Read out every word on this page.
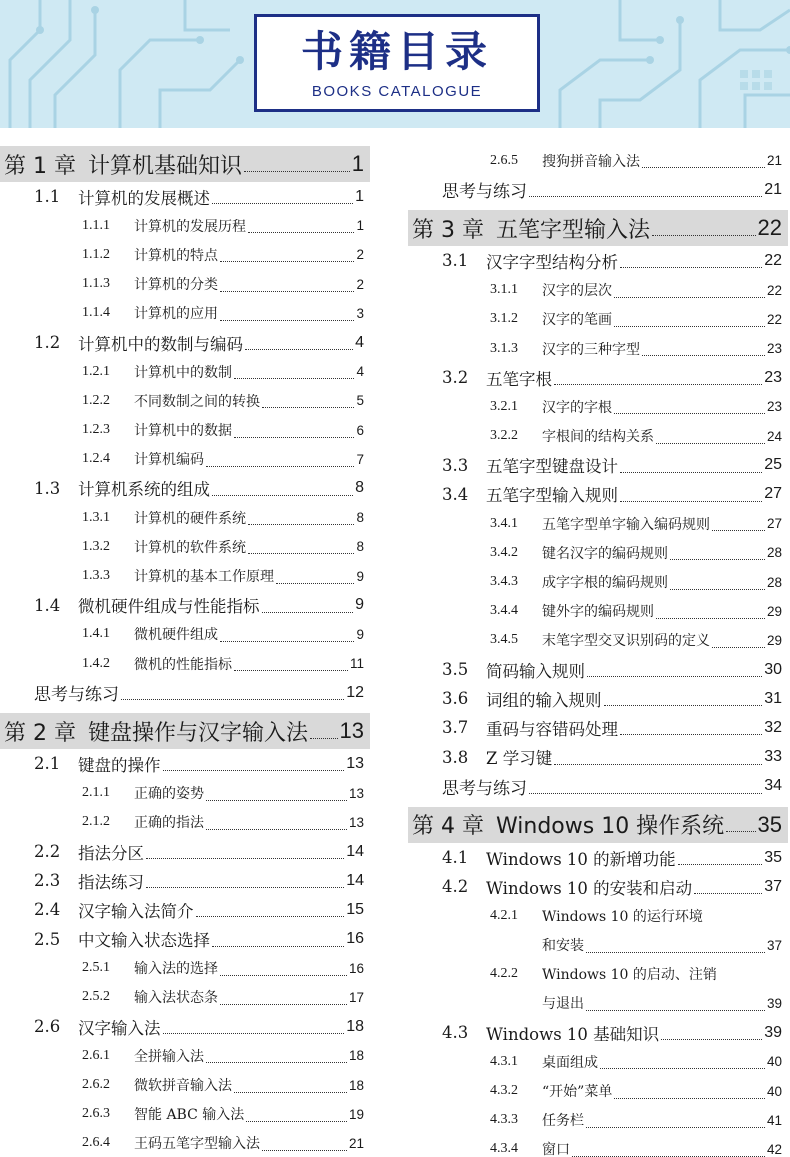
书籍目录
BOOKS CATALOGUE
第 1 章 计算机基础知识	1
1.1	计算机的发展概述	1
1.1.1	计算机的发展历程	1
1.1.2	计算机的特点	2
1.1.3	计算机的分类	2
1.1.4	计算机的应用	3
1.2	计算机中的数制与编码	4
1.2.1	计算机中的数制	4
1.2.2	不同数制之间的转换	5
1.2.3	计算机中的数据	6
1.2.4	计算机编码	7
1.3	计算机系统的组成	8
1.3.1	计算机的硬件系统	8
1.3.2	计算机的软件系统	8
1.3.3	计算机的基本工作原理	9
1.4	微机硬件组成与性能指标	9
1.4.1	微机硬件组成	9
1.4.2	微机的性能指标	11
思考与练习	12
第 2 章 键盘操作与汉字输入法 13
2.1	键盘的操作	13
2.1.1	正确的姿势	13
2.1.2	正确的指法	13
2.2	指法分区	14
2.3	指法练习	14
2.4	汉字输入法简介	15
2.5	中文输入状态选择	16
2.5.1	输入法的选择	16
2.5.2	输入法状态条	17
2.6	汉字输入法	18
2.6.1	全拼输入法	18
2.6.2	微软拼音输入法	18
2.6.3	智能 ABC 输入法	19
2.6.4	王码五笔字型输入法	21
2.6.5	搜狗拼音输入法	21
思考与练习	21
第 3 章 五笔字型输入法	22
3.1	汉字字型结构分析	22
3.1.1	汉字的层次	22
3.1.2	汉字的笔画	22
3.1.3	汉字的三种字型	23
3.2	五笔字根	23
3.2.1	汉字的字根	23
3.2.2	字根间的结构关系	24
3.3	五笔字型键盘设计	25
3.4	五笔字型输入规则	27
3.4.1	五笔字型单字输入编码规则	27
3.4.2	键名汉字的编码规则	28
3.4.3	成字字根的编码规则	28
3.4.4	键外字的编码规则	29
3.4.5	末笔字型交叉识别码的定义	29
3.5	简码输入规则	30
3.6	词组的输入规则	31
3.7	重码与容错码处理	32
3.8	Z 学习键	33
思考与练习	34
第 4 章 Windows 10 操作系统 35
4.1	Windows 10 的新增功能	35
4.2	Windows 10 的安装和启动	37
4.2.1	Windows 10 的运行环境
和安装	37
4.2.2	Windows 10 的启动、注销
与退出	39
4.3	Windows 10 基础知识	39
4.3.1	桌面组成	40
4.3.2	“开始”菜单	40
4.3.3	任务栏	41
4.3.4	窗口	42
